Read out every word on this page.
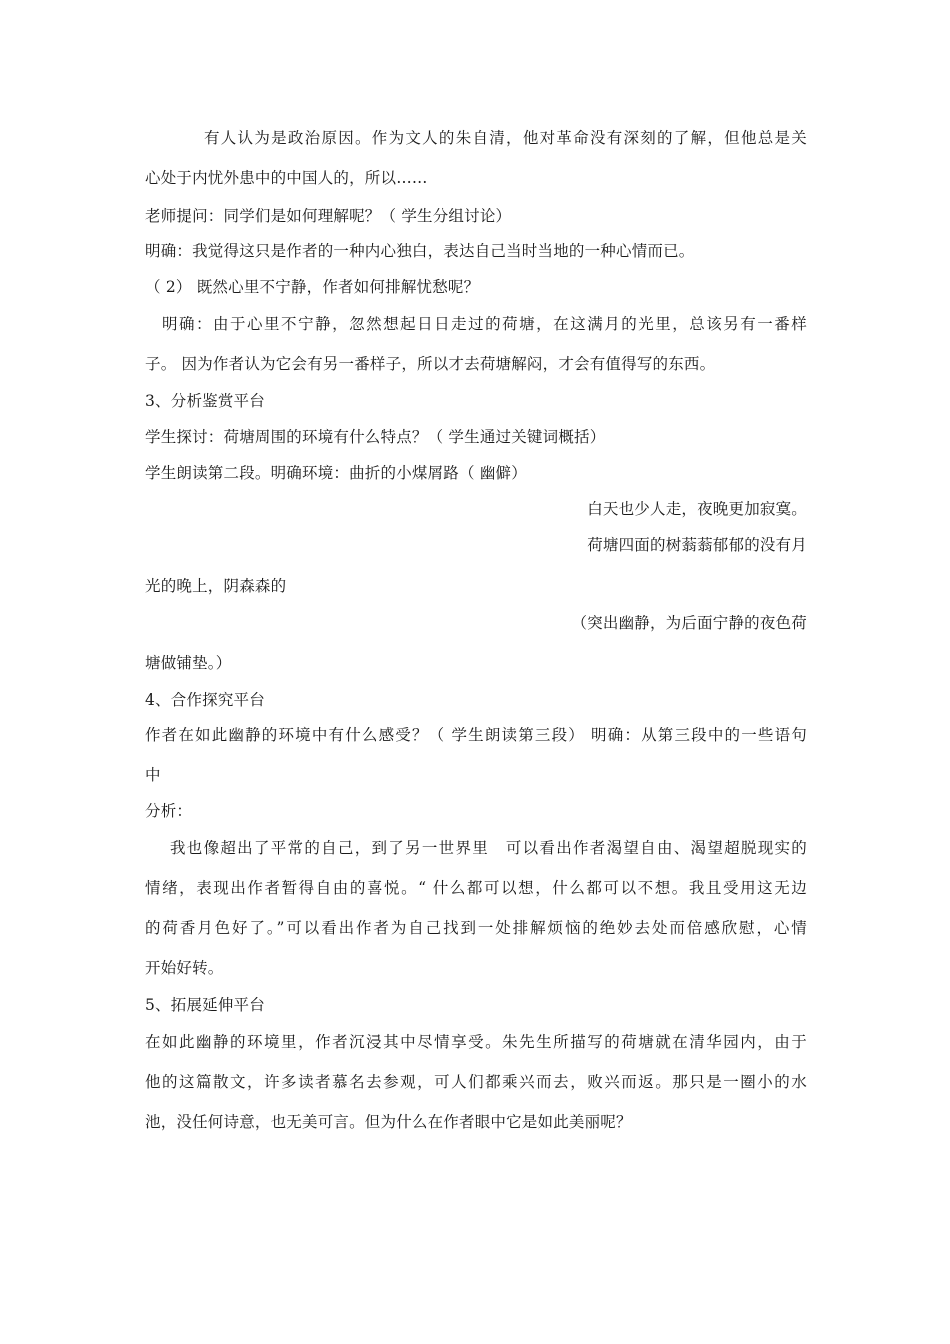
有人认为是政治原因。作为文人的朱自清，他对革命没有深刻的了解，但他总是关
心处于内忧外患中的中国人的，所以……
老师提问：同学们是如何理解呢？（ 学生分组讨论）
明确：我觉得这只是作者的一种内心独白，表达自己当时当地的一种心情而已。
（ 2） 既然心里不宁静，作者如何排解忧愁呢？
明确：由于心里不宁静，忽然想起日日走过的荷塘，在这满月的光里，总该另有一番样
子。 因为作者认为它会有另一番样子，所以才去荷塘解闷，才会有值得写的东西。
3、分析鉴赏平台
学生探讨：荷塘周围的环境有什么特点？（ 学生通过关键词概括）
学生朗读第二段。明确环境：曲折的小煤屑路（ 幽僻）
白天也少人走，夜晚更加寂寞。
荷塘四面的树蓊蓊郁郁的没有月
光的晚上，阴森森的
（突出幽静，为后面宁静的夜色荷
塘做铺垫。）
4、合作探究平台
作者在如此幽静的环境中有什么感受？（ 学生朗读第三段） 明确：从第三段中的一些语句
中
分析：
我也像超出了平常的自己，到了另一世界里　可以看出作者渴望自由、渴望超脱现实的
情绪，表现出作者暂得自由的喜悦。“ 什么都可以想，什么都可以不想。我且受用这无边
的荷香月色好了。”可以看出作者为自己找到一处排解烦恼的绝妙去处而倍感欣慰，心情
开始好转。
5、拓展延伸平台
在如此幽静的环境里，作者沉浸其中尽情享受。朱先生所描写的荷塘就在清华园内，由于
他的这篇散文，许多读者慕名去参观，可人们都乘兴而去，败兴而返。那只是一圈小的水
池，没任何诗意，也无美可言。但为什么在作者眼中它是如此美丽呢？
